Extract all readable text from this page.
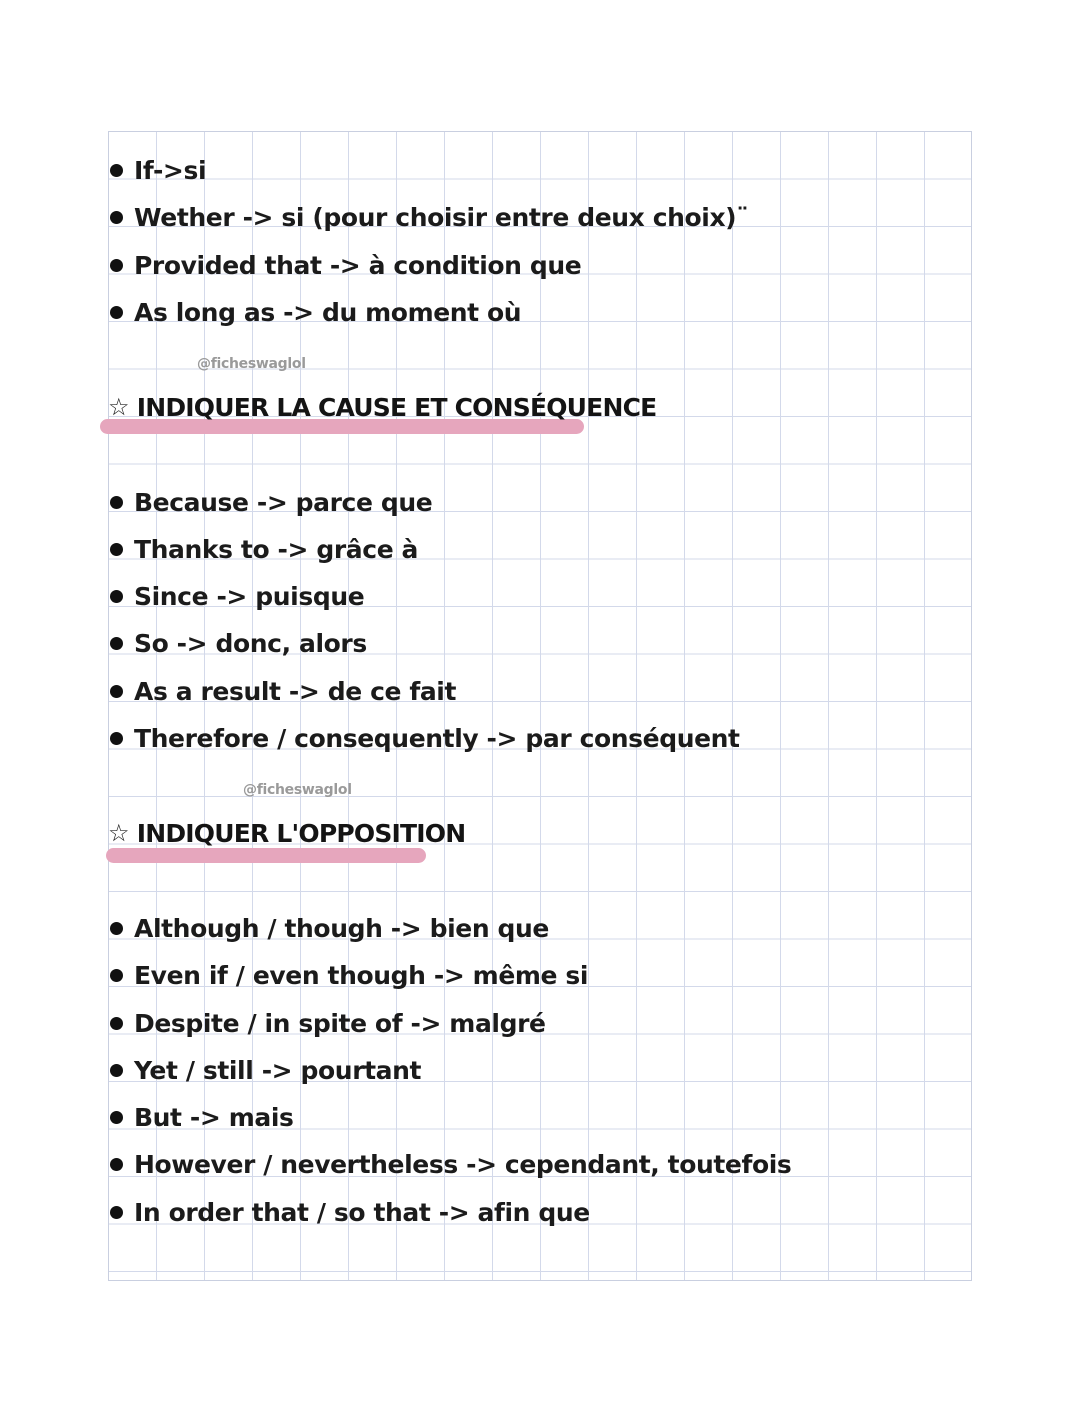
If->si
Wether -> si (pour choisir entre deux choix)¨
Provided that -> à condition que
As long as -> du moment où
@ficheswaglol
☆ INDIQUER LA CAUSE ET CONSÉQUENCE
Because -> parce que
Thanks to -> grâce à
Since -> puisque
So -> donc, alors
As a result -> de ce fait
Therefore / consequently -> par conséquent
@ficheswaglol
☆ INDIQUER L'OPPOSITION
Although / though -> bien que
Even if / even though -> même si
Despite / in spite of -> malgré
Yet / still -> pourtant
But -> mais
However / nevertheless -> cependant, toutefois
In order that / so that -> afin que
